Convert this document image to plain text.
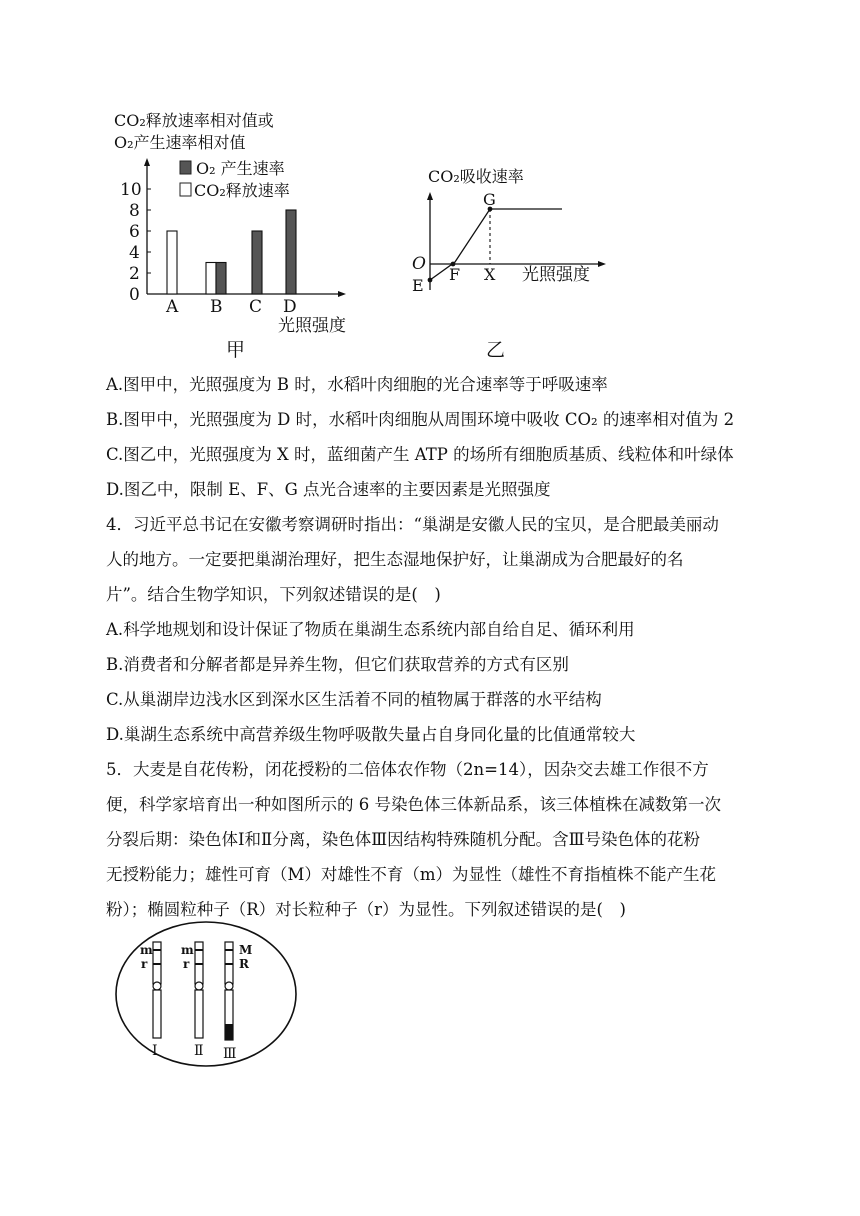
CO₂释放速率相对值或
O₂产生速率相对值
O₂ 产生速率
CO₂释放速率
0
2
4
6
8
10
A B C D
光照强度
甲
CO₂吸收速率
O
E
F X
G
光照强度
乙
A.图甲中，光照强度为 B 时，水稻叶肉细胞的光合速率等于呼吸速率
B.图甲中，光照强度为 D 时，水稻叶肉细胞从周围环境中吸收 CO₂ 的速率相对值为 2
C.图乙中，光照强度为 X 时，蓝细菌产生 ATP 的场所有细胞质基质、线粒体和叶绿体
D.图乙中，限制 E、F、G 点光合速率的主要因素是光照强度
4．习近平总书记在安徽考察调研时指出：“巢湖是安徽人民的宝贝，是合肥最美丽动
人的地方。一定要把巢湖治理好，把生态湿地保护好，让巢湖成为合肥最好的名
片”。结合生物学知识，下列叙述错误的是(　)
A.科学地规划和设计保证了物质在巢湖生态系统内部自给自足、循环利用
B.消费者和分解者都是异养生物，但它们获取营养的方式有区别
C.从巢湖岸边浅水区到深水区生活着不同的植物属于群落的水平结构
D.巢湖生态系统中高营养级生物呼吸散失量占自身同化量的比值通常较大
5．大麦是自花传粉，闭花授粉的二倍体农作物（2n=14），因杂交去雄工作很不方
便，科学家培育出一种如图所示的 6 号染色体三体新品系，该三体植株在减数第一次
分裂后期：染色体Ⅰ和Ⅱ分离，染色体Ⅲ因结构特殊随机分配。含Ⅲ号染色体的花粉
无授粉能力；雄性可育（M）对雄性不育（m）为显性（雄性不育指植株不能产生花
粉）；椭圆粒种子（R）对长粒种子（r）为显性。下列叙述错误的是(　)
m
r
Ⅰ
m
r
Ⅱ
M
R
Ⅲ
